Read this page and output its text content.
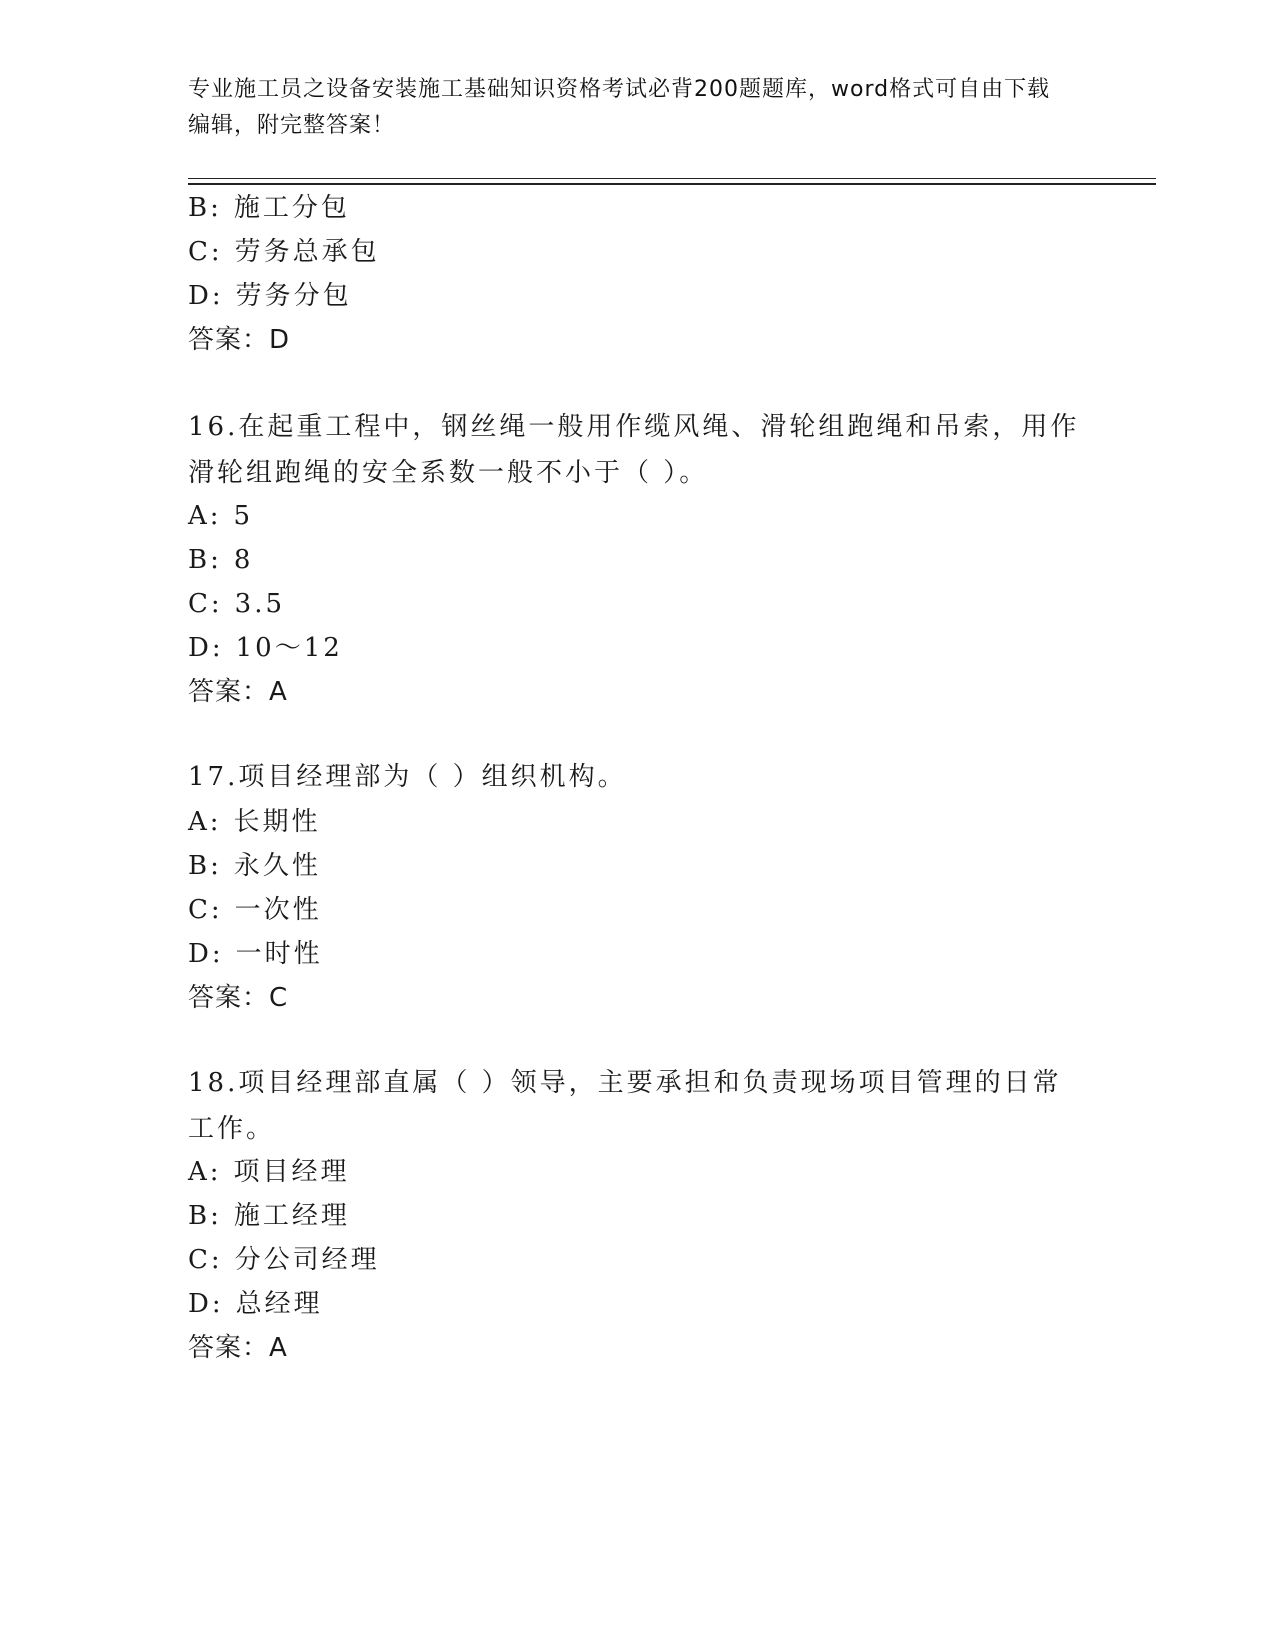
专业施工员之设备安装施工基础知识资格考试必背200题题库，word格式可自由下载编辑，附完整答案！
B: 施工分包
C: 劳务总承包
D: 劳务分包
答案：D
16.在起重工程中，钢丝绳一般用作缆风绳、滑轮组跑绳和吊索，用作滑轮组跑绳的安全系数一般不小于（ ）。
A: 5
B: 8
C: 3.5
D: 10～12
答案：A
17.项目经理部为（ ）组织机构。
A: 长期性
B: 永久性
C: 一次性
D: 一时性
答案：C
18.项目经理部直属（ ）领导，主要承担和负责现场项目管理的日常工作。
A: 项目经理
B: 施工经理
C: 分公司经理
D: 总经理
答案：A
